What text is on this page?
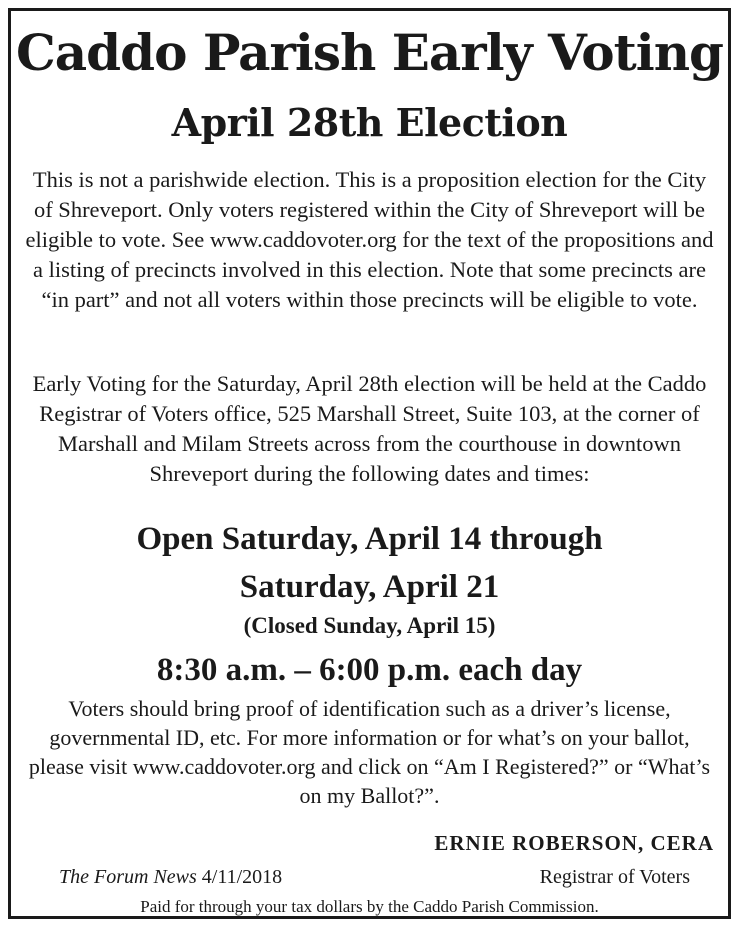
Caddo Parish Early Voting
April 28th Election
This is not a parishwide election. This is a proposition election for the City of Shreveport. Only voters registered within the City of Shreveport will be eligible to vote. See www.caddovoter.org for the text of the propositions and a listing of precincts involved in this election. Note that some precincts are “in part” and not all voters within those precincts will be eligible to vote.
Early Voting for the Saturday, April 28th election will be held at the Caddo Registrar of Voters office, 525 Marshall Street, Suite 103, at the corner of Marshall and Milam Streets across from the courthouse in downtown Shreveport during the following dates and times:
Open Saturday, April 14 through
Saturday, April 21
(Closed Sunday, April 15)
8:30 a.m. – 6:00 p.m. each day
Voters should bring proof of identification such as a driver’s license, governmental ID, etc. For more information or for what’s on your ballot, please visit www.caddovoter.org and click on “Am I Registered?” or “What’s on my Ballot?”.
ERNIE ROBERSON, CERA
The Forum News 4/11/2018	Registrar of Voters
Paid for through your tax dollars by the Caddo Parish Commission.
